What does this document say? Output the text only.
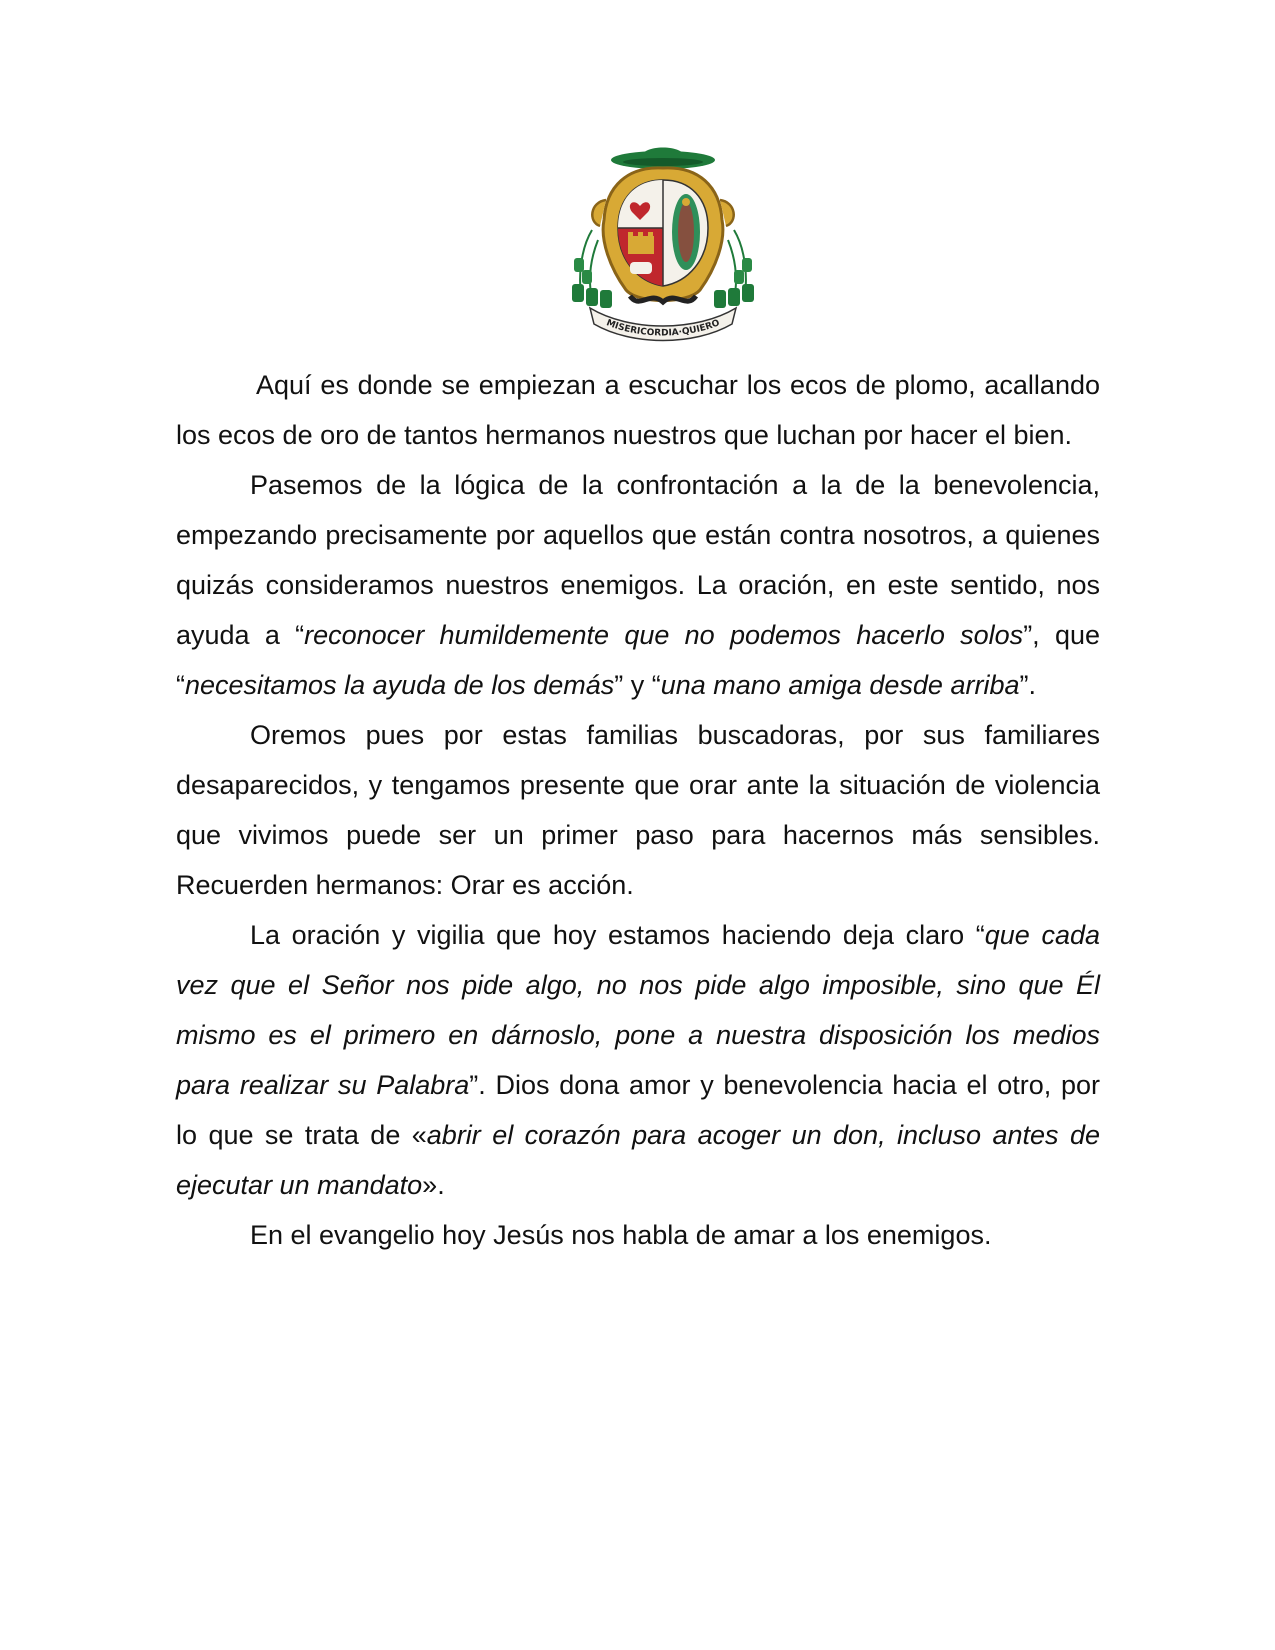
MISERICORDIA·QUIERO

Aquí es donde se empiezan a escuchar los ecos de plomo, acallando los ecos de oro de tantos hermanos nuestros que luchan por hacer el bien.

Pasemos de la lógica de la confrontación a la de la benevolencia, empezando precisamente por aquellos que están contra nosotros, a quienes quizás consideramos nuestros enemigos. La oración, en este sentido, nos ayuda a “reconocer humildemente que no podemos hacerlo solos”, que “necesitamos la ayuda de los demás” y “una mano amiga desde arriba”.

Oremos pues por estas familias buscadoras, por sus familiares desaparecidos, y tengamos presente que orar ante la situación de violencia que vivimos puede ser un primer paso para hacernos más sensibles. Recuerden hermanos: Orar es acción.

La oración y vigilia que hoy estamos haciendo deja claro “que cada vez que el Señor nos pide algo, no nos pide algo imposible, sino que Él mismo es el primero en dárnoslo, pone a nuestra disposición los medios para realizar su Palabra”. Dios dona amor y benevolencia hacia el otro, por lo que se trata de «abrir el corazón para acoger un don, incluso antes de ejecutar un mandato».

En el evangelio hoy Jesús nos habla de amar a los enemigos.
